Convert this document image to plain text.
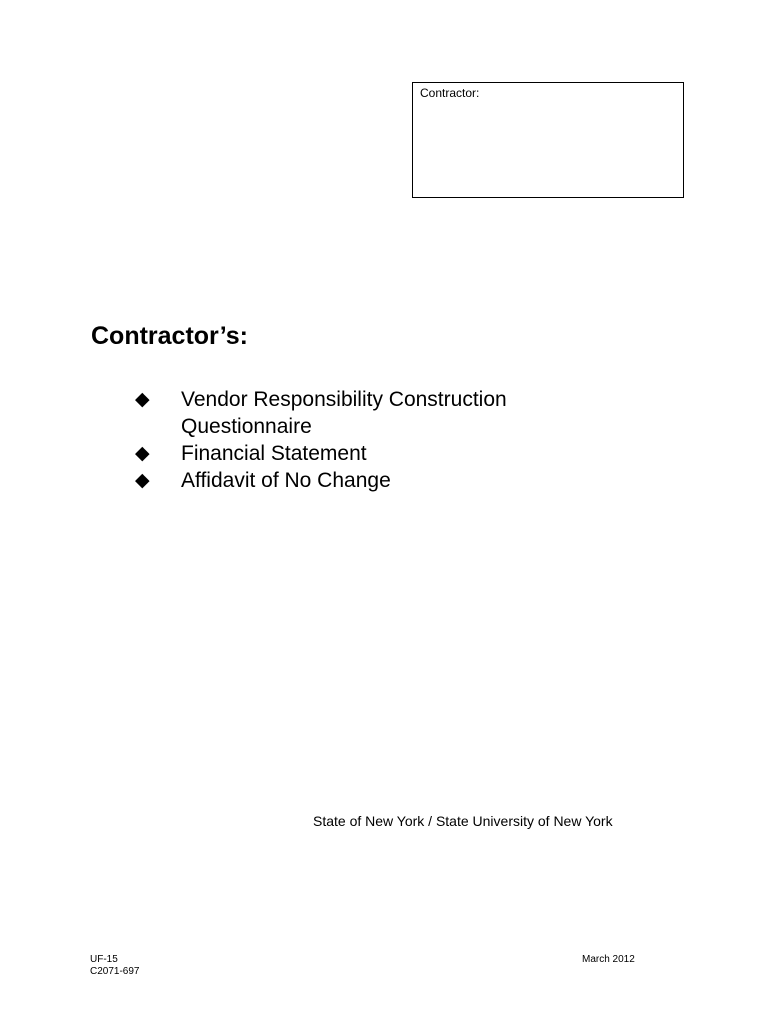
Contractor:
Contractor’s:
◆ Vendor Responsibility Construction Questionnaire
◆ Financial Statement
◆ Affidavit of No Change
State of New York / State University of New York
UF-15
C2071-697
March 2012
